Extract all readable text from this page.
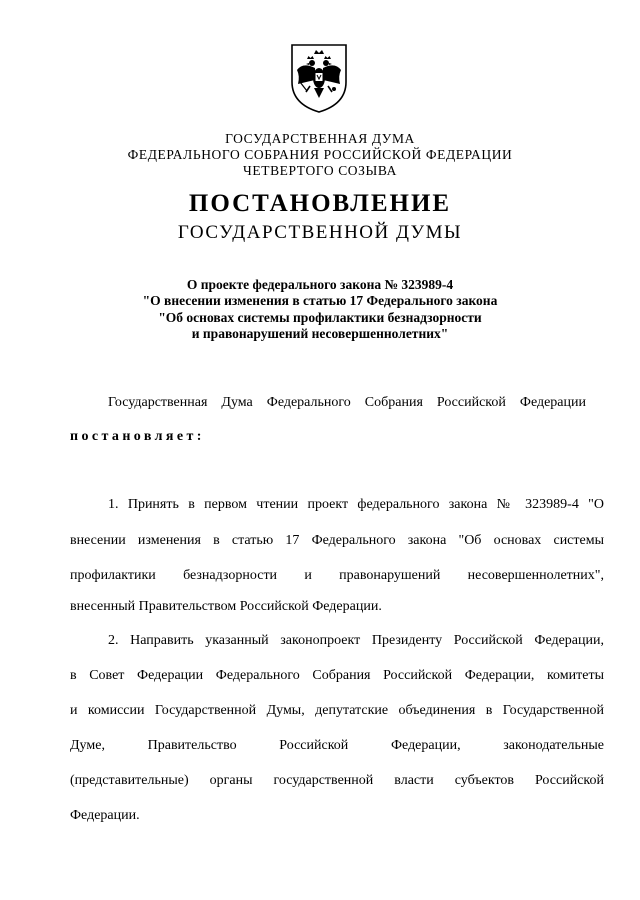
ГОСУДАРСТВЕННАЯ ДУМА
ФЕДЕРАЛЬНОГО СОБРАНИЯ РОССИЙСКОЙ ФЕДЕРАЦИИ
ЧЕТВЕРТОГО СОЗЫВА
ПОСТАНОВЛЕНИЕ
ГОСУДАРСТВЕННОЙ ДУМЫ
О проекте федерального закона № 323989-4
"О внесении изменения в статью 17 Федерального закона
"Об основах системы профилактики безнадзорности
и правонарушений несовершеннолетних"
Государственная Дума Федерального Собрания Российской Федерации
постановляет:
1. Принять в первом чтении проект федерального закона № 323989-4 "О
внесении изменения в статью 17 Федерального закона "Об основах системы
профилактики безнадзорности и правонарушений несовершеннолетних",
внесенный Правительством Российской Федерации.
2. Направить указанный законопроект Президенту Российской Федерации,
в Совет Федерации Федерального Собрания Российской Федерации, комитеты
и комиссии Государственной Думы, депутатские объединения в Государственной
Думе, Правительство Российской Федерации, законодательные
(представительные) органы государственной власти субъектов Российской
Федерации.
